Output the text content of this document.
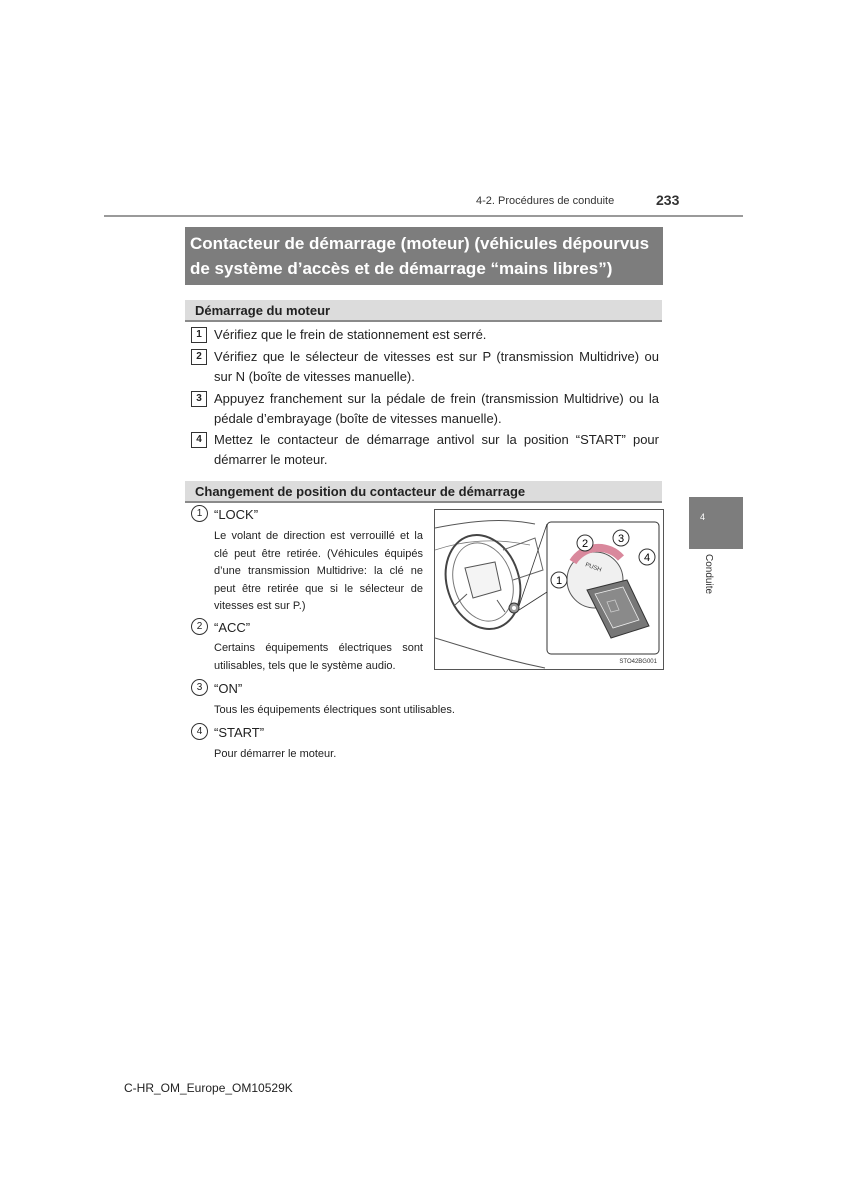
4-2. Procédures de conduite	233
Contacteur de démarrage (moteur) (véhicules dépourvus de système d’accès et de démarrage “mains libres”)
Démarrage du moteur
1 Vérifiez que le frein de stationnement est serré.
2 Vérifiez que le sélecteur de vitesses est sur P (transmission Multidrive) ou sur N (boîte de vitesses manuelle).
3 Appuyez franchement sur la pédale de frein (transmission Multidrive) ou la pédale d’embrayage (boîte de vitesses manuelle).
4 Mettez le contacteur de démarrage antivol sur la position “START” pour démarrer le moteur.
Changement de position du contacteur de démarrage
1 “LOCK”
Le volant de direction est verrouillé et la clé peut être retirée. (Véhicules équipés d’une transmission Multidrive: la clé ne peut être retirée que si le sélecteur de vitesses est sur P.)
2 “ACC”
Certains équipements électriques sont utilisables, tels que le système audio.
3 “ON”
Tous les équipements électriques sont utilisables.
4 “START”
Pour démarrer le moteur.
PUSH
1
2	3
4
STO42BG001
4
Conduite
C-HR_OM_Europe_OM10529K
